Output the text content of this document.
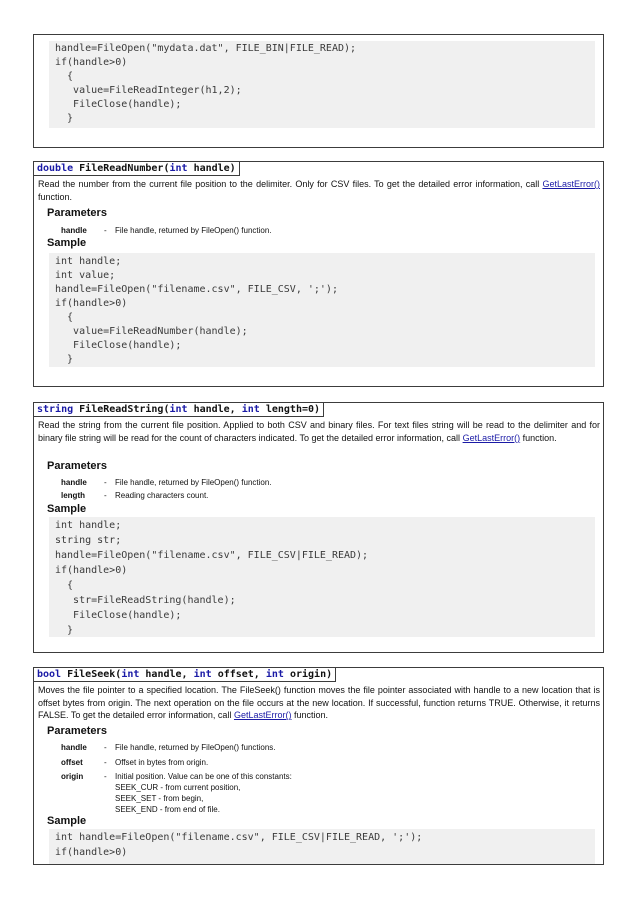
handle=FileOpen("mydata.dat", FILE_BIN|FILE_READ);
if(handle>0)
{
value=FileReadInteger(h1,2);
FileClose(handle);
}
double FileReadNumber(int handle)
Read the number from the current file position to the delimiter. Only for CSV files. To get the detailed error information, call GetLastError() function.
Parameters
handle - File handle, returned by FileOpen() function.
Sample
int handle;
int value;
handle=FileOpen("filename.csv", FILE_CSV, ';');
if(handle>0)
{
value=FileReadNumber(handle);
FileClose(handle);
}
string FileReadString(int handle, int length=0)
Read the string from the current file position. Applied to both CSV and binary files. For text files string will be read to the delimiter and for binary file string will be read for the count of characters indicated. To get the detailed error information, call GetLastError() function.
Parameters
handle - File handle, returned by FileOpen() function.
length - Reading characters count.
Sample
int handle;
string str;
handle=FileOpen("filename.csv", FILE_CSV|FILE_READ);
if(handle>0)
{
str=FileReadString(handle);
FileClose(handle);
}
bool FileSeek(int handle, int offset, int origin)
Moves the file pointer to a specified location. The FileSeek() function moves the file pointer associated with handle to a new location that is offset bytes from origin. The next operation on the file occurs at the new location. If successful, function returns TRUE. Otherwise, it returns FALSE. To get the detailed error information, call GetLastError() function.
Parameters
handle - File handle, returned by FileOpen() functions.
offset	- Offset in bytes from origin.
origin	- Initial position. Value can be one of this constants:
SEEK_CUR - from current position,
SEEK_SET - from begin,
SEEK_END - from end of file.
Sample
int handle=FileOpen("filename.csv", FILE_CSV|FILE_READ, ';');
if(handle>0)
